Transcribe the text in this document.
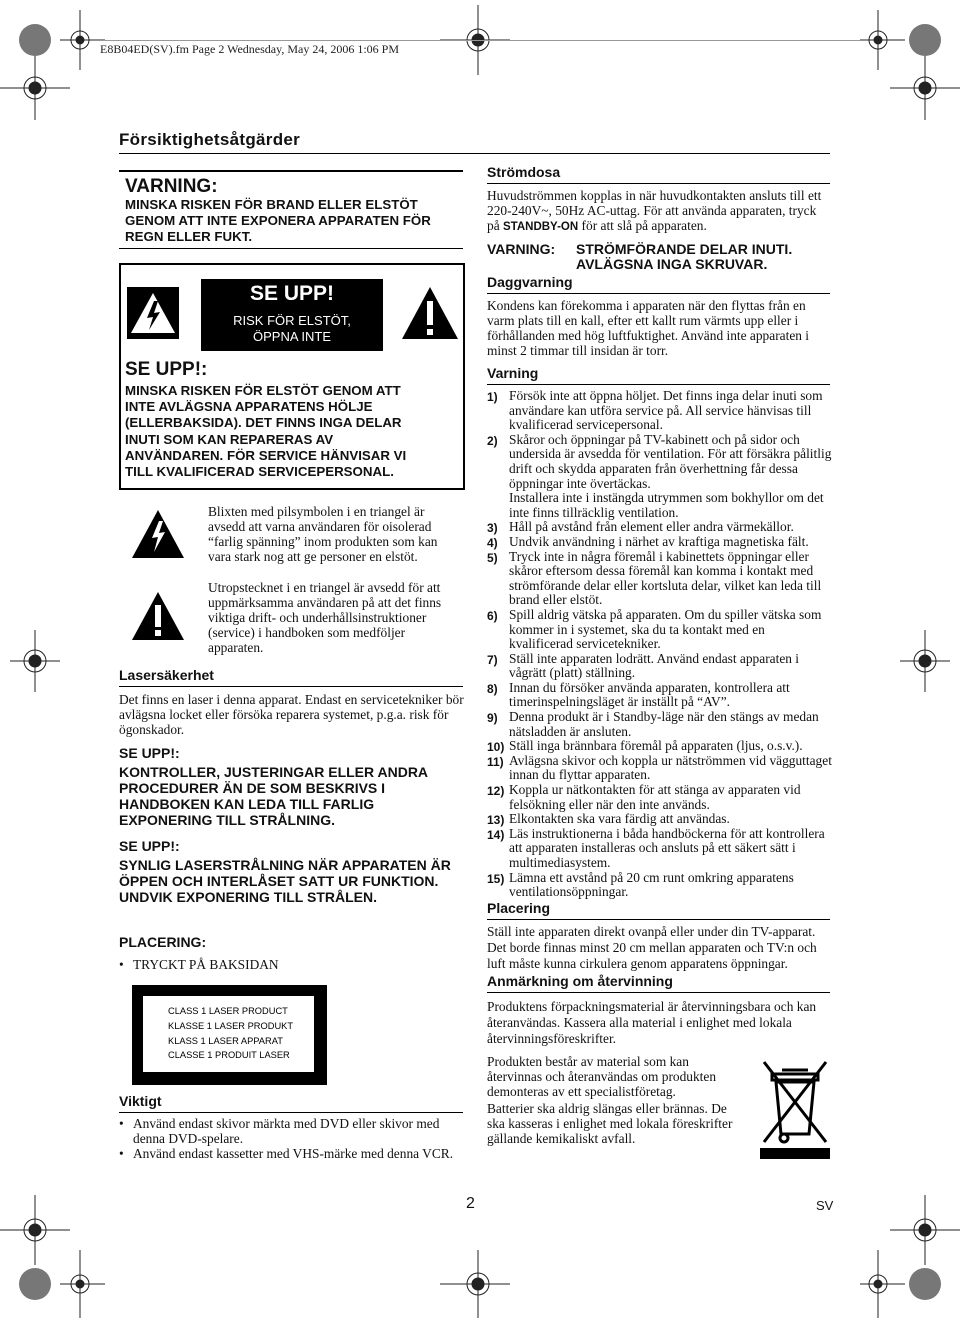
E8B04ED(SV).fm Page 2 Wednesday, May 24, 2006 1:06 PM
Försiktighetsåtgärder
VARNING:
MINSKA RISKEN FÖR BRAND ELLER ELSTÖT GENOM ATT INTE EXPONERA APPARATEN FÖR REGN ELLER FUKT.
SE UPP!
RISK FÖR ELSTÖT,
ÖPPNA INTE
SE UPP!:
MINSKA RISKEN FÖR ELSTÖT GENOM ATT
INTE AVLÄGSNA APPARATENS HÖLJE
(ELLERBAKSIDA). DET FINNS INGA DELAR
INUTI SOM KAN REPARERAS AV
ANVÄNDAREN. FÖR SERVICE HÄNVISAR VI
TILL KVALIFICERAD SERVICEPERSONAL.
Blixten med pilsymbolen i en triangel är avsedd att varna användaren för oisolerad “farlig spänning” inom produkten som kan vara stark nog att ge personer en elstöt.
Utropstecknet i en triangel är avsedd för att uppmärksamma användaren på att det finns viktiga drift- och underhållsinstruktioner (service) i handboken som medföljer apparaten.
Lasersäkerhet
Det finns en laser i denna apparat. Endast en servicetekniker bör avlägsna locket eller försöka reparera systemet, p.g.a. risk för ögonskador.
SE UPP!:
KONTROLLER, JUSTERINGAR ELLER ANDRA PROCEDURER ÄN DE SOM BESKRIVS I HANDBOKEN KAN LEDA TILL FARLIG EXPONERING TILL STRÅLNING.
SE UPP!:
SYNLIG LASERSTRÅLNING NÄR APPARATEN ÄR ÖPPEN OCH INTERLÅSET SATT UR FUNKTION. UNDVIK EXPONERING TILL STRÅLEN.
PLACERING:
• TRYCKT PÅ BAKSIDAN
CLASS 1 LASER PRODUCT
KLASSE 1 LASER PRODUKT
KLASS 1 LASER APPARAT
CLASSE 1 PRODUIT LASER
Viktigt
• Använd endast skivor märkta med DVD eller skivor med denna DVD-spelare.
• Använd endast kassetter med VHS-märke med denna VCR.
Strömdosa
Huvudströmmen kopplas in när huvudkontakten ansluts till ett 220-240V~, 50Hz AC-uttag. För att använda apparaten, tryck på STANDBY-ON för att slå på apparaten.
VARNING: STRÖMFÖRANDE DELAR INUTI.
AVLÄGSNA INGA SKRUVAR.
Daggvarning
Kondens kan förekomma i apparaten när den flyttas från en varm plats till en kall, efter ett kallt rum värmts upp eller i förhållanden med hög luftfuktighet. Använd inte apparaten i minst 2 timmar till insidan är torr.
Varning
1) Försök inte att öppna höljet. Det finns inga delar inuti som användare kan utföra service på. All service hänvisas till kvalificerad servicepersonal.
2) Skåror och öppningar på TV-kabinett och på sidor och undersida är avsedda för ventilation. För att försäkra pålitlig drift och skydda apparaten från överhettning får dessa öppningar inte övertäckas.
Installera inte i instängda utrymmen som bokhyllor om det inte finns tillräcklig ventilation.
3) Håll på avstånd från element eller andra värmekällor.
4) Undvik användning i närhet av kraftiga magnetiska fält.
5) Tryck inte in några föremål i kabinettets öppningar eller skåror eftersom dessa föremål kan komma i kontakt med strömförande delar eller kortsluta delar, vilket kan leda till brand eller elstöt.
6) Spill aldrig vätska på apparaten. Om du spiller vätska som kommer in i systemet, ska du ta kontakt med en kvalificerad servicetekniker.
7) Ställ inte apparaten lodrätt. Använd endast apparaten i vågrätt (platt) ställning.
8) Innan du försöker använda apparaten, kontrollera att timerinspelningsläget är inställt på “AV”.
9) Denna produkt är i Standby-läge när den stängs av medan nätsladden är ansluten.
10) Ställ inga brännbara föremål på apparaten (ljus, o.s.v.).
11) Avlägsna skivor och koppla ur nätströmmen vid vägguttaget innan du flyttar apparaten.
12) Koppla ur nätkontakten för att stänga av apparaten vid felsökning eller när den inte används.
13) Elkontakten ska vara färdig att användas.
14) Läs instruktionerna i båda handböckerna för att kontrollera att apparaten installeras och ansluts på ett säkert sätt i multimediasystem.
15) Lämna ett avstånd på 20 cm runt omkring apparatens ventilationsöppningar.
Placering
Ställ inte apparaten direkt ovanpå eller under din TV-apparat. Det borde finnas minst 20 cm mellan apparaten och TV:n och luft måste kunna cirkulera genom apparatens öppningar.
Anmärkning om återvinning
Produktens förpackningsmaterial är återvinningsbara och kan återanvändas. Kassera alla material i enlighet med lokala återvinningsföreskrifter.
Produkten består av material som kan återvinnas och återanvändas om produkten demonteras av ett specialistföretag.
Batterier ska aldrig slängas eller brännas. De ska kasseras i enlighet med lokala föreskrifter gällande kemikaliskt avfall.
2	SV
